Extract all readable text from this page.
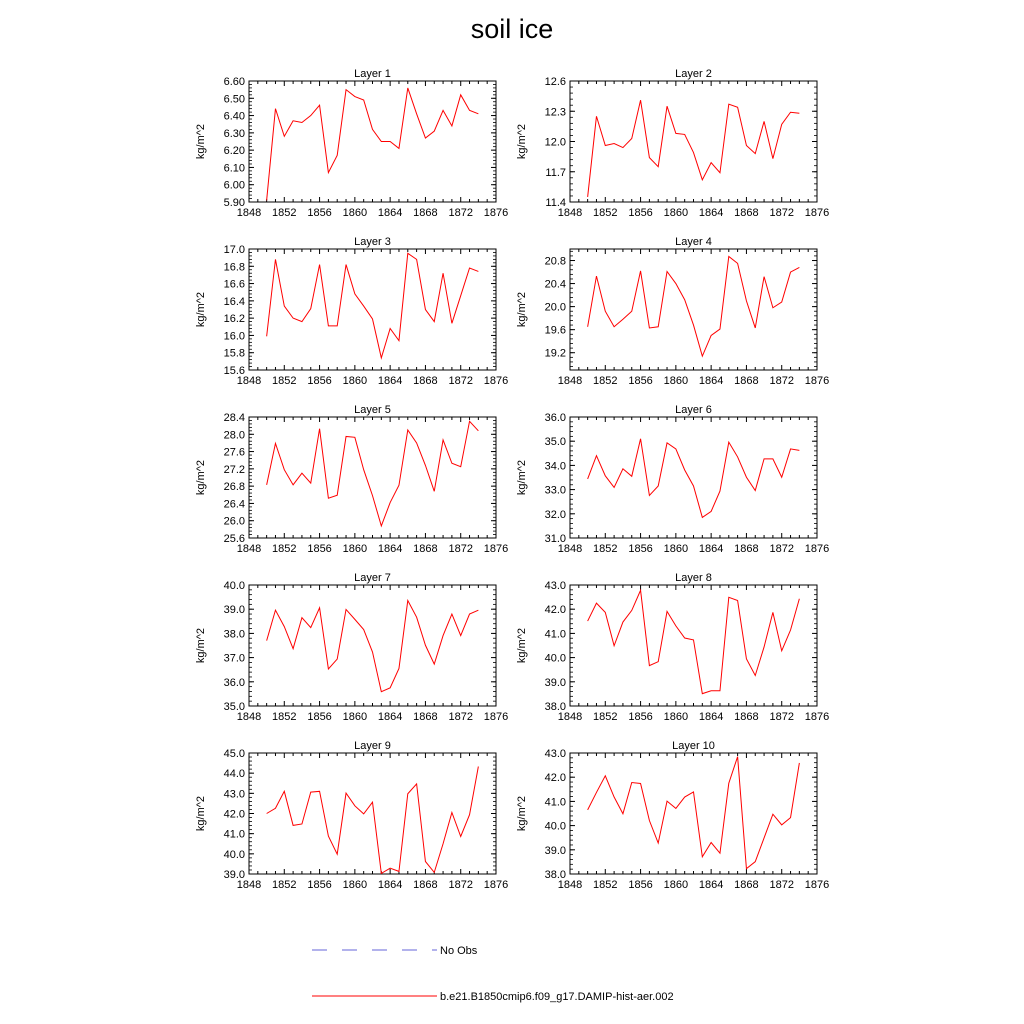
soil ice
Layer 1
kg/m^2
1848 1852 1856 1860 1864 1868 1872 1876
5.90
6.00
6.10
6.20
6.30
6.40
6.50
6.60
Layer 2
kg/m^2
1848 1852 1856 1860 1864 1868 1872 1876
11.4
11.7
12.0
12.3
12.6
Layer 3
kg/m^2
1848 1852 1856 1860 1864 1868 1872 1876
15.6
15.8
16.0
16.2
16.4
16.6
16.8
17.0
Layer 4
kg/m^2
1848 1852 1856 1860 1864 1868 1872 1876
19.2
19.6
20.0
20.4
20.8
Layer 5
kg/m^2
1848 1852 1856 1860 1864 1868 1872 1876
25.6
26.0
26.4
26.8
27.2
27.6
28.0
28.4
Layer 6
kg/m^2
1848 1852 1856 1860 1864 1868 1872 1876
31.0
32.0
33.0
34.0
35.0
36.0
Layer 7
kg/m^2
1848 1852 1856 1860 1864 1868 1872 1876
35.0
36.0
37.0
38.0
39.0
40.0
Layer 8
kg/m^2
1848 1852 1856 1860 1864 1868 1872 1876
38.0
39.0
40.0
41.0
42.0
43.0
Layer 9
kg/m^2
1848 1852 1856 1860 1864 1868 1872 1876
39.0
40.0
41.0
42.0
43.0
44.0
45.0
Layer 10
kg/m^2
1848 1852 1856 1860 1864 1868 1872 1876
38.0
39.0
40.0
41.0
42.0
43.0
No Obs
b.e21.B1850cmip6.f09_g17.DAMIP-hist-aer.002
